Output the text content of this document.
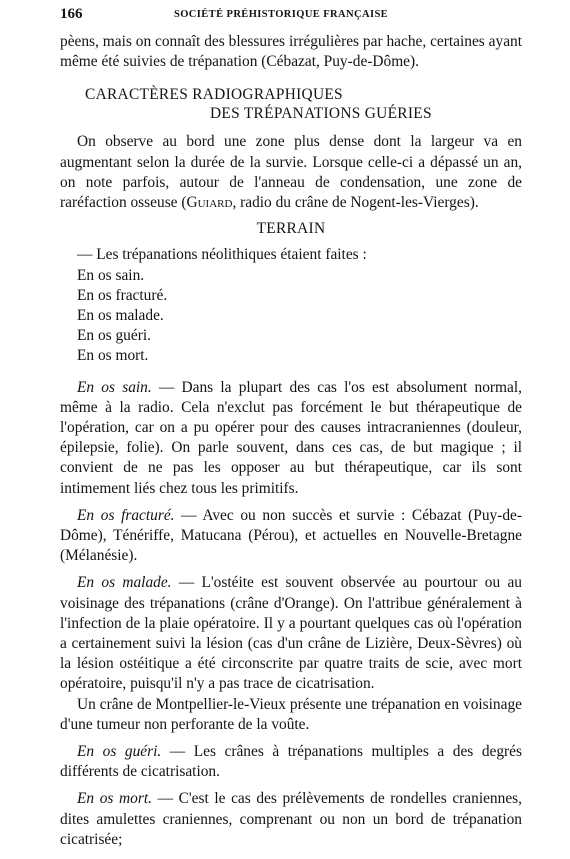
166	SOCIÉTÉ PRÉHISTORIQUE FRANÇAISE

pèens, mais on connaît des blessures irrégulières par hache, certaines ayant même été suivies de trépanation (Cébazat, Puy-de-Dôme).

CARACTÈRES RADIOGRAPHIQUES
DES TRÉPANATIONS GUÉRIES

On observe au bord une zone plus dense dont la largeur va en augmentant selon la durée de la survie. Lorsque celle-ci a dépassé un an, on note parfois, autour de l'anneau de condensation, une zone de raréfaction osseuse (Guiard, radio du crâne de Nogent-les-Vierges).

TERRAIN

— Les trépanations néolithiques étaient faites :

En os sain.
En os fracturé.
En os malade.
En os guéri.
En os mort.

En os sain. — Dans la plupart des cas l'os est absolument normal, même à la radio. Cela n'exclut pas forcément le but thérapeutique de l'opération, car on a pu opérer pour des causes intracraniennes (douleur, épilepsie, folie). On parle souvent, dans ces cas, de but magique ; il convient de ne pas les opposer au but thérapeutique, car ils sont intimement liés chez tous les primitifs.

En os fracturé. — Avec ou non succès et survie : Cébazat (Puy-de-Dôme), Ténériffe, Matucana (Pérou), et actuelles en Nouvelle-Bretagne (Mélanésie).

En os malade. — L'ostéite est souvent observée au pourtour ou au voisinage des trépanations (crâne d'Orange). On l'attribue généralement à l'infection de la plaie opératoire. Il y a pourtant quelques cas où l'opération a certainement suivi la lésion (cas d'un crâne de Lizière, Deux-Sèvres) où la lésion ostéitique a été circonscrite par quatre traits de scie, avec mort opératoire, puisqu'il n'y a pas trace de cicatrisation.

Un crâne de Montpellier-le-Vieux présente une trépanation en voisinage d'une tumeur non perforante de la voûte.

En os guéri. — Les crânes à trépanations multiples a des degrés différents de cicatrisation.

En os mort. — C'est le cas des prélèvements de rondelles craniennes, dites amulettes craniennes, comprenant ou non un bord de trépanation cicatrisée;
